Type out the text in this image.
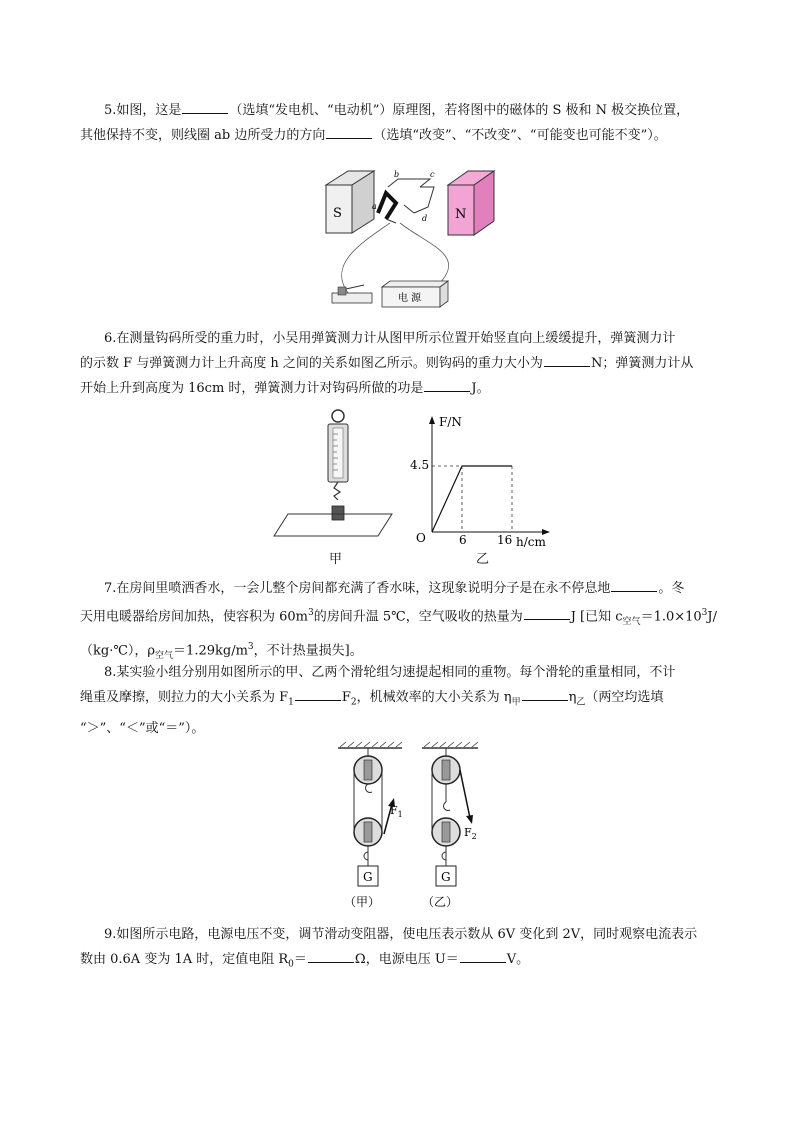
5.如图，这是	（选填“发电机、“电动机”）原理图，若将图中的磁体的 S 极和 N 极交换位置，

其他保持不变，则线圈 ab 边所受力的方向	（选填“改变”、“不改变”、“可能变也可能不变”）。

S	N
a
b	c
d
电 源

6.在测量钩码所受的重力时，小吴用弹簧测力计从图甲所示位置开始竖直向上缓缓提升，弹簧测力计

的示数 F 与弹簧测力计上升高度 h 之间的关系如图乙所示。则钩码的重力大小为	N；弹簧测力计从

开始上升到高度为 16cm 时，弹簧测力计对钩码所做的功是	J。

甲
F/N
4.5
O	6	16 h/cm
乙

7.在房间里喷洒香水，一会儿整个房间都充满了香水味，这现象说明分子是在永不停息地	。冬

天用电暖器给房间加热，使容积为 $60m^3$的房间升温 5℃，空气吸收的热量为	J [已知 $c_{空气}=1.0\times 10^3J/$

（kg·℃），$\rho_{空气}=1.29kg/m^3$，不计热量损失]。

8.某实验小组分别用如图所示的甲、乙两个滑轮组匀速提起相同的重物。每个滑轮的重量相同，不计

绳重及摩擦，则拉力的大小关系为 $F_1$	$F_2$，机械效率的大小关系为 $\eta_甲$	$\eta_乙$（两空均选填

“＞”、“＜”或“＝”）。

$F_1$
G
$F_2$
G
（甲）	（乙）

9.如图所示电路，电源电压不变，调节滑动变阻器，使电压表示数从 6V 变化到 2V，同时观察电流表示

数由 0.6A 变为 1A 时，定值电阻 $R_0=$	Ω，电源电压 U＝	V。
